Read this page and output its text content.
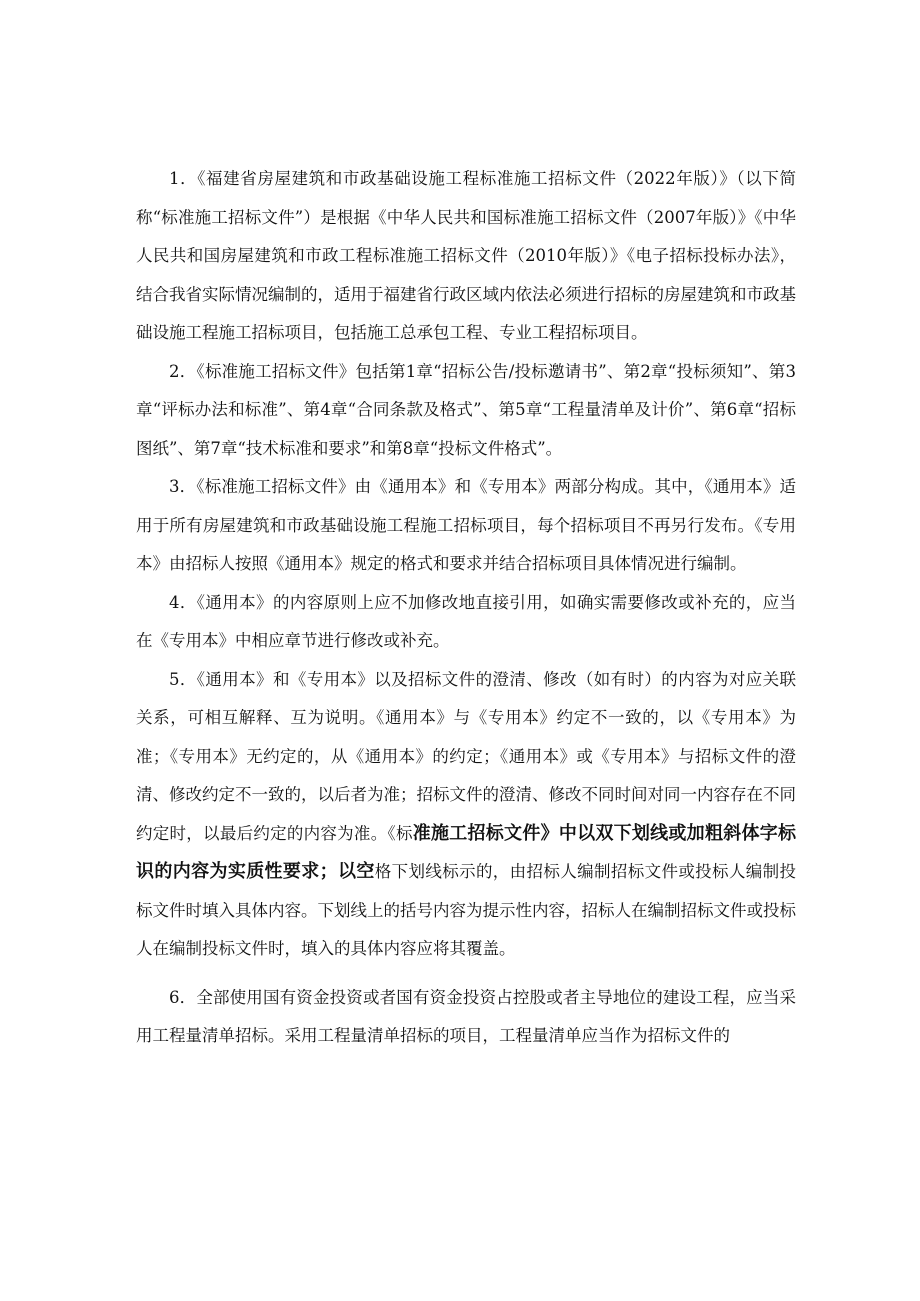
1．《福建省房屋建筑和市政基础设施工程标准施工招标文件（2022年版）》（以下简称“标准施工招标文件”）是根据《中华人民共和国标准施工招标文件（2007年版）》《中华人民共和国房屋建筑和市政工程标准施工招标文件（2010年版）》《电子招标投标办法》，结合我省实际情况编制的，适用于福建省行政区域内依法必须进行招标的房屋建筑和市政基础设施工程施工招标项目，包括施工总承包工程、专业工程招标项目。

2．《标准施工招标文件》包括第1章“招标公告/投标邀请书”、第2章“投标须知”、第3章“评标办法和标准”、第4章“合同条款及格式”、第5章“工程量清单及计价”、第6章“招标图纸”、第7章“技术标准和要求”和第8章“投标文件格式”。

3．《标准施工招标文件》由《通用本》和《专用本》两部分构成。其中，《通用本》适用于所有房屋建筑和市政基础设施工程施工招标项目，每个招标项目不再另行发布。《专用本》由招标人按照《通用本》规定的格式和要求并结合招标项目具体情况进行编制。

4．《通用本》的内容原则上应不加修改地直接引用，如确实需要修改或补充的，应当在《专用本》中相应章节进行修改或补充。

5．《通用本》和《专用本》以及招标文件的澄清、修改（如有时）的内容为对应关联关系，可相互解释、互为说明。《通用本》与《专用本》约定不一致的，以《专用本》为准；《专用本》无约定的，从《通用本》的约定；《通用本》或《专用本》与招标文件的澄清、修改约定不一致的，以后者为准；招标文件的澄清、修改不同时间对同一内容存在不同约定时，以最后约定的内容为准。《标准施工招标文件》中以双下划线或加粗斜体字标识的内容为实质性要求；以空格下划线标示的，由招标人编制招标文件或投标人编制投标文件时填入具体内容。下划线上的括号内容为提示性内容，招标人在编制招标文件或投标人在编制投标文件时，填入的具体内容应将其覆盖。

6．全部使用国有资金投资或者国有资金投资占控股或者主导地位的建设工程，应当采用工程量清单招标。采用工程量清单招标的项目，工程量清单应当作为招标文件的
